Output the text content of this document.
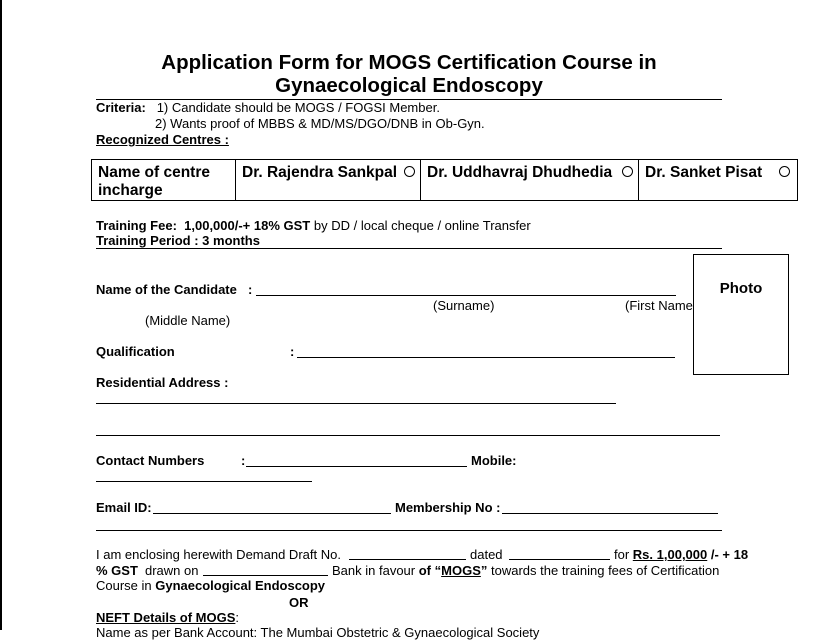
Application Form for MOGS Certification Course in
Gynaecological Endoscopy
Criteria: 1) Candidate should be MOGS / FOGSI Member.
2) Wants proof of MBBS & MD/MS/DGO/DNB in Ob-Gyn.
Recognized Centres :
Name of centre
incharge
Dr. Rajendra Sankpal Dr. Uddhavraj Dhudhedia Dr. Sanket Pisat
Training Fee: 1,00,000/-+ 18% GST by DD / local cheque / online Transfer
Training Period : 3 months
Name of the Candidate :
(Surname)	(First Name
(Middle Name)
Photo
Qualification	:
Residential Address :
Contact Numbers	:	Mobile:
Email ID:	Membership No :
I am enclosing herewith Demand Draft No.	dated	for Rs. 1,00,000 /- + 18
% GST drawn on	Bank in favour of “MOGS” towards the training fees of Certification
Course in Gynaecological Endoscopy
OR
NEFT Details of MOGS:
Name as per Bank Account: The Mumbai Obstetric & Gynaecological Society
